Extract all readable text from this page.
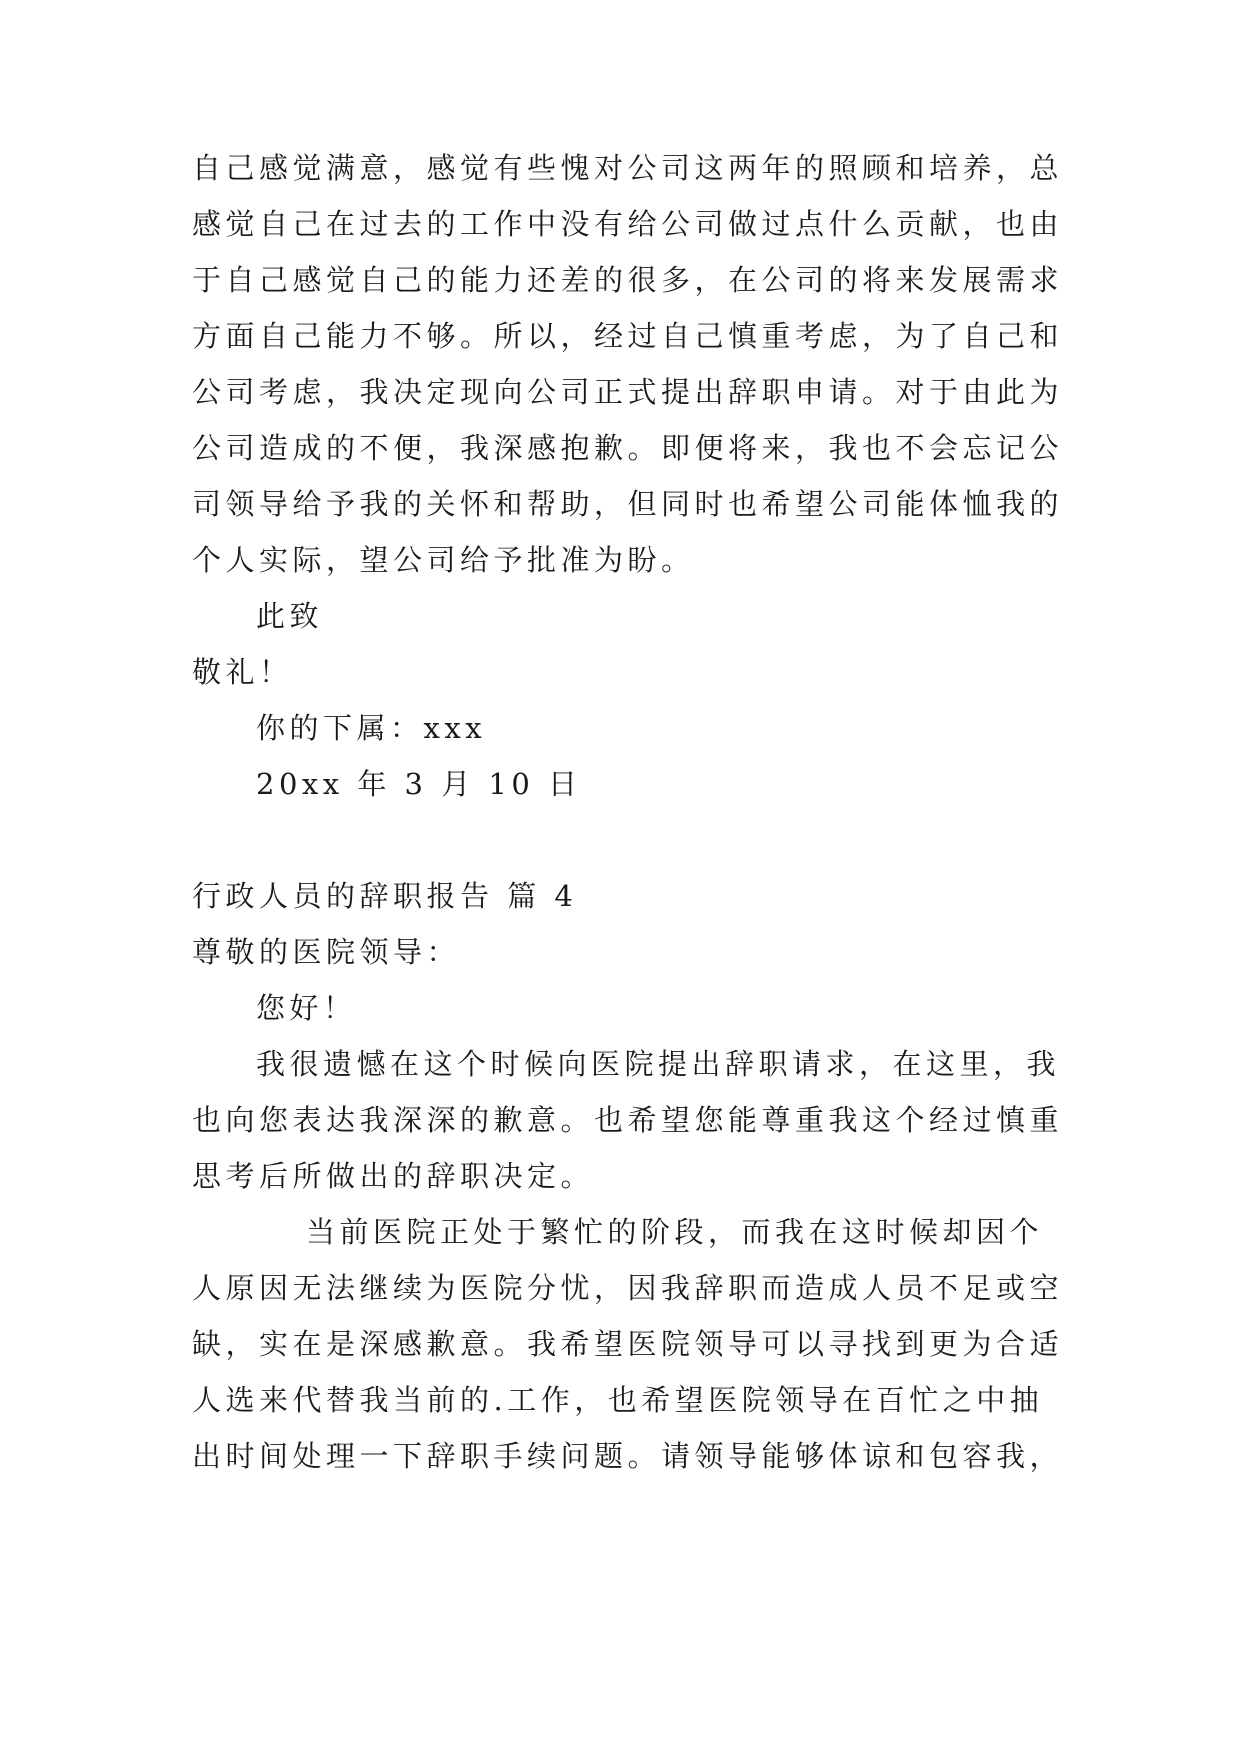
自己感觉满意，感觉有些愧对公司这两年的照顾和培养，总
感觉自己在过去的工作中没有给公司做过点什么贡献，也由
于自己感觉自己的能力还差的很多，在公司的将来发展需求
方面自己能力不够。所以，经过自己慎重考虑，为了自己和
公司考虑，我决定现向公司正式提出辞职申请。对于由此为
公司造成的不便，我深感抱歉。即便将来，我也不会忘记公
司领导给予我的关怀和帮助，但同时也希望公司能体恤我的
个人实际，望公司给予批准为盼。
此致
敬礼！
你的下属：xxx
20xx 年 3 月 10 日
行政人员的辞职报告 篇 4
尊敬的医院领导：
您好！
我很遗憾在这个时候向医院提出辞职请求，在这里，我
也向您表达我深深的歉意。也希望您能尊重我这个经过慎重
思考后所做出的辞职决定。
当前医院正处于繁忙的阶段，而我在这时候却因个
人原因无法继续为医院分忧，因我辞职而造成人员不足或空
缺，实在是深感歉意。我希望医院领导可以寻找到更为合适
人选来代替我当前的.工作，也希望医院领导在百忙之中抽
出时间处理一下辞职手续问题。请领导能够体谅和包容我，
